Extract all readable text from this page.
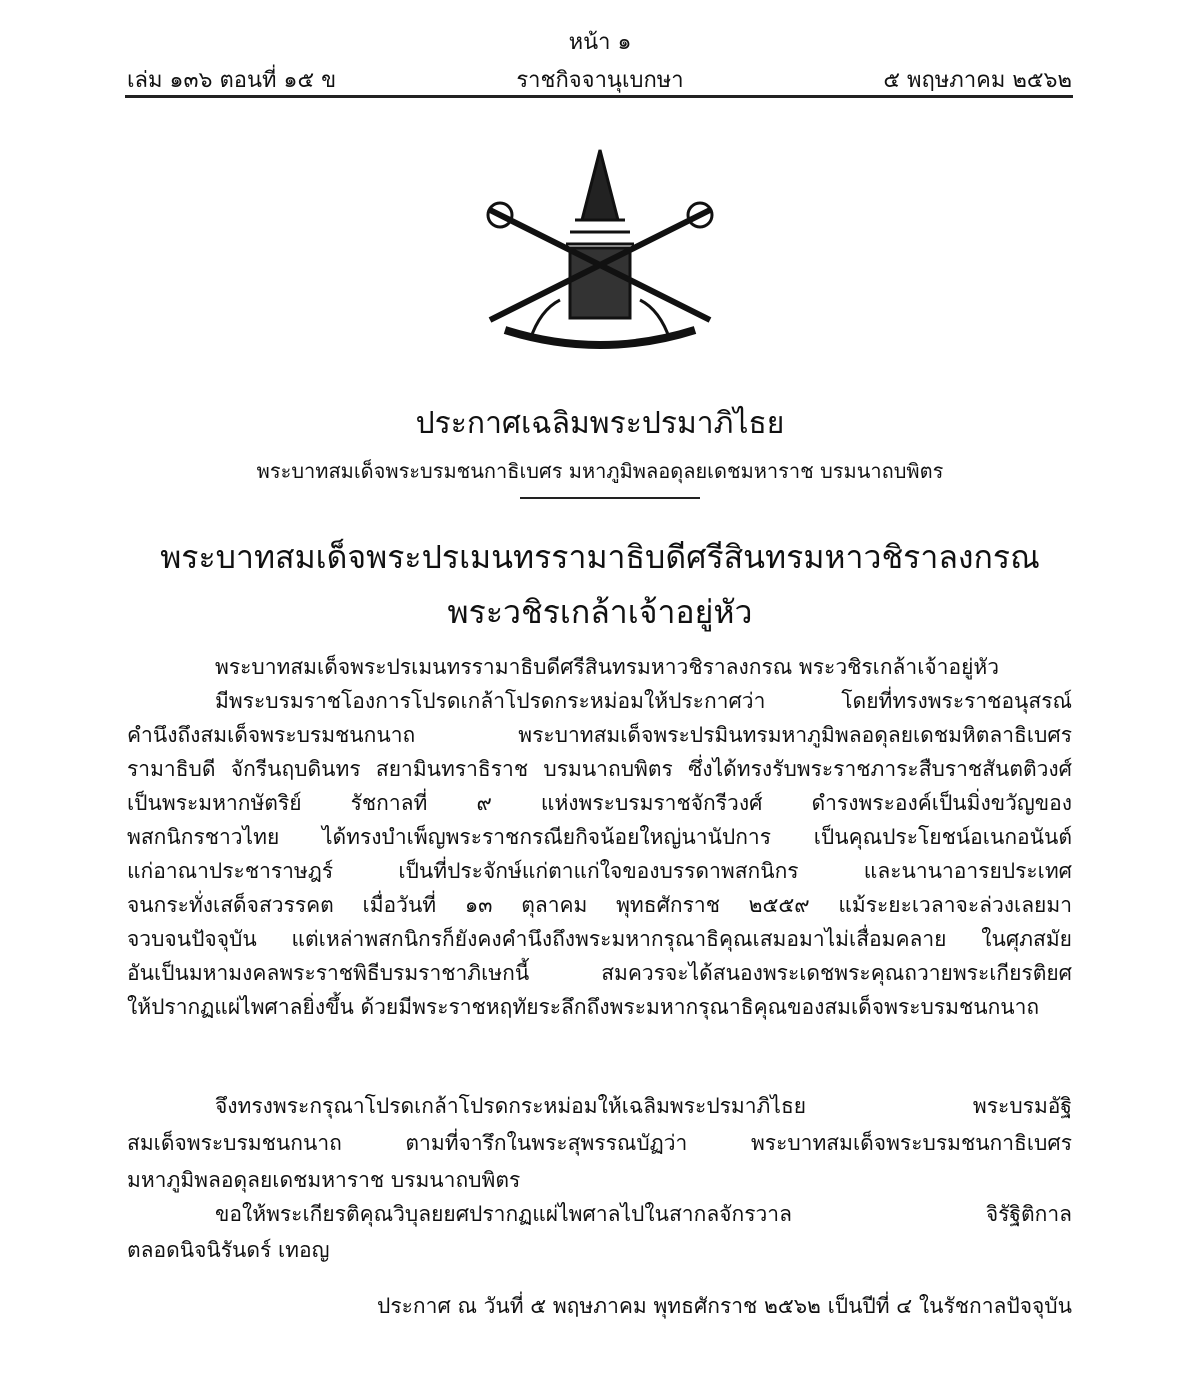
หน้า ๑
เล่ม ๑๓๖ ตอนที่ ๑๕ ข	ราชกิจจานุเบกษา	๕ พฤษภาคม ๒๕๖๒
ประกาศเฉลิมพระปรมาภิไธย
พระบาทสมเด็จพระบรมชนกาธิเบศร มหาภูมิพลอดุลยเดชมหาราช บรมนาถบพิตร
พระบาทสมเด็จพระปรเมนทรรามาธิบดีศรีสินทรมหาวชิราลงกรณ
พระวชิรเกล้าเจ้าอยู่หัว
พระบาทสมเด็จพระปรเมนทรรามาธิบดีศรีสินทรมหาวชิราลงกรณ พระวชิรเกล้าเจ้าอยู่หัว
มีพระบรมราชโองการโปรดเกล้าโปรดกระหม่อมให้ประกาศว่า โดยที่ทรงพระราชอนุสรณ์
คำนึงถึงสมเด็จพระบรมชนกนาถ พระบาทสมเด็จพระปรมินทรมหาภูมิพลอดุลยเดชมหิตลาธิเบศร
รามาธิบดี จักรีนฤบดินทร สยามินทราธิราช บรมนาถบพิตร ซึ่งได้ทรงรับพระราชภาระสืบราชสันตติวงศ์
เป็นพระมหากษัตริย์ รัชกาลที่ ๙ แห่งพระบรมราชจักรีวงศ์ ดำรงพระองค์เป็นมิ่งขวัญของ
พสกนิกรชาวไทย ได้ทรงบำเพ็ญพระราชกรณียกิจน้อยใหญ่นานัปการ เป็นคุณประโยชน์อเนกอนันต์
แก่อาณาประชาราษฎร์ เป็นที่ประจักษ์แก่ตาแก่ใจของบรรดาพสกนิกร และนานาอารยประเทศ
จนกระทั่งเสด็จสวรรคต เมื่อวันที่ ๑๓ ตุลาคม พุทธศักราช ๒๕๕๙ แม้ระยะเวลาจะล่วงเลยมา
จวบจนปัจจุบัน แต่เหล่าพสกนิกรก็ยังคงคำนึงถึงพระมหากรุณาธิคุณเสมอมาไม่เสื่อมคลาย ในศุภสมัย
อันเป็นมหามงคลพระราชพิธีบรมราชาภิเษกนี้ สมควรจะได้สนองพระเดชพระคุณถวายพระเกียรติยศ
ให้ปรากฏแผ่ไพศาลยิ่งขึ้น ด้วยมีพระราชหฤทัยระลึกถึงพระมหากรุณาธิคุณของสมเด็จพระบรมชนกนาถ
จึงทรงพระกรุณาโปรดเกล้าโปรดกระหม่อมให้เฉลิมพระปรมาภิไธย พระบรมอัฐิ
สมเด็จพระบรมชนกนาถ ตามที่จารึกในพระสุพรรณบัฏว่า พระบาทสมเด็จพระบรมชนกาธิเบศร
มหาภูมิพลอดุลยเดชมหาราช บรมนาถบพิตร
ขอให้พระเกียรติคุณวิบุลยยศปรากฏแผ่ไพศาลไปในสากลจักรวาล จิรัฐิติกาล
ตลอดนิจนิรันดร์ เทอญ
ประกาศ ณ วันที่ ๕ พฤษภาคม พุทธศักราช ๒๕๖๒ เป็นปีที่ ๔ ในรัชกาลปัจจุบัน
